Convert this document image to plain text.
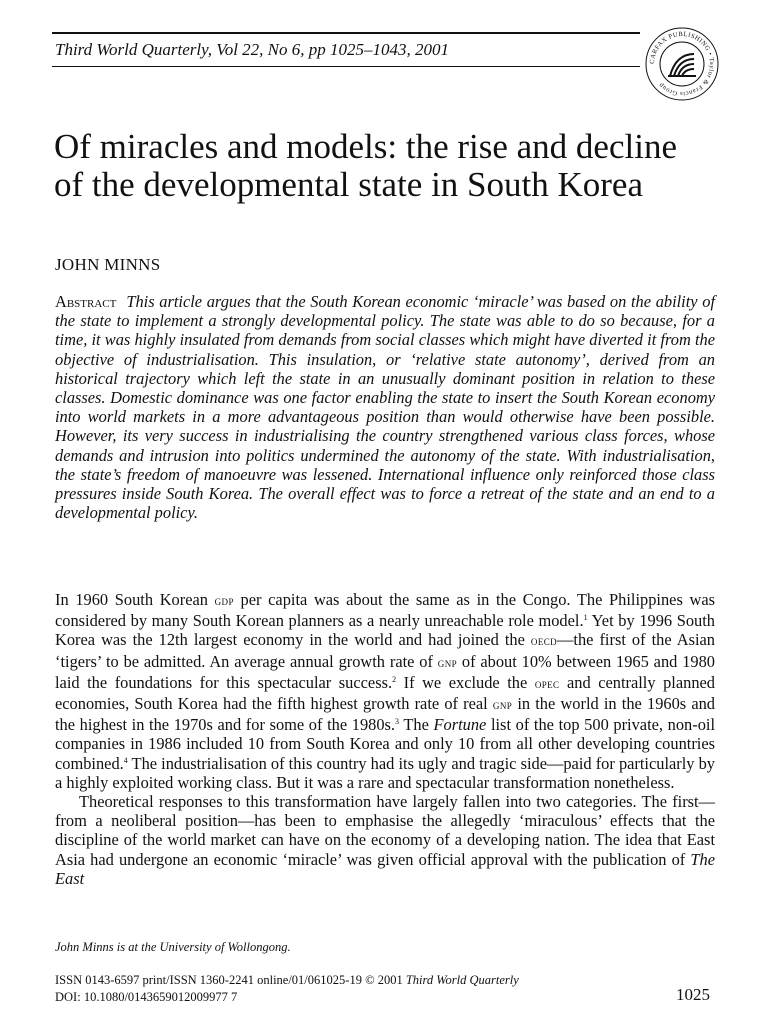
Third World Quarterly, Vol 22, No 6, pp 1025–1043, 2001
CARFAX PUBLISHING • Taylor & Francis Group
Of miracles and models: the rise and decline of the developmental state in South Korea
JOHN MINNS
Abstract This article argues that the South Korean economic ‘miracle’ was based on the ability of the state to implement a strongly developmental policy. The state was able to do so because, for a time, it was highly insulated from demands from social classes which might have diverted it from the objective of industrialisation. This insulation, or ‘relative state autonomy’, derived from an historical trajectory which left the state in an unusually dominant position in relation to these classes. Domestic dominance was one factor enabling the state to insert the South Korean economy into world markets in a more advantageous position than would otherwise have been possible. However, its very success in industrialising the country strengthened various class forces, whose demands and intrusion into politics undermined the autonomy of the state. With industrialisation, the state’s freedom of manoeuvre was lessened. International influence only reinforced those class pressures inside South Korea. The overall effect was to force a retreat of the state and an end to a developmental policy.

In 1960 South Korean gdp per capita was about the same as in the Congo. The Philippines was considered by many South Korean planners as a nearly unreachable role model.$^1$ Yet by 1996 South Korea was the 12th largest economy in the world and had joined the oecd—the first of the Asian ‘tigers’ to be admitted. An average annual growth rate of gnp of about 10% between 1965 and 1980 laid the foundations for this spectacular success.$^2$ If we exclude the opec and centrally planned economies, South Korea had the fifth highest growth rate of real gnp in the world in the 1960s and the highest in the 1970s and for some of the 1980s.$^3$ The Fortune list of the top 500 private, non-oil companies in 1986 included 10 from South Korea and only 10 from all other developing countries combined.$^4$ The industrialisation of this country had its ugly and tragic side—paid for particularly by a highly exploited working class. But it was a rare and spectacular transformation nonetheless.

Theoretical responses to this transformation have largely fallen into two categories. The first—from a neoliberal position—has been to emphasise the allegedly ‘miraculous’ effects that the discipline of the world market can have on the economy of a developing nation. The idea that East Asia had undergone an economic ‘miracle’ was given official approval with the publication of The East

John Minns is at the University of Wollongong.
ISSN 0143-6597 print/ISSN 1360-2241 online/01/061025-19 © 2001 Third World Quarterly
DOI: 10.1080/0143659012009977 7	1025
